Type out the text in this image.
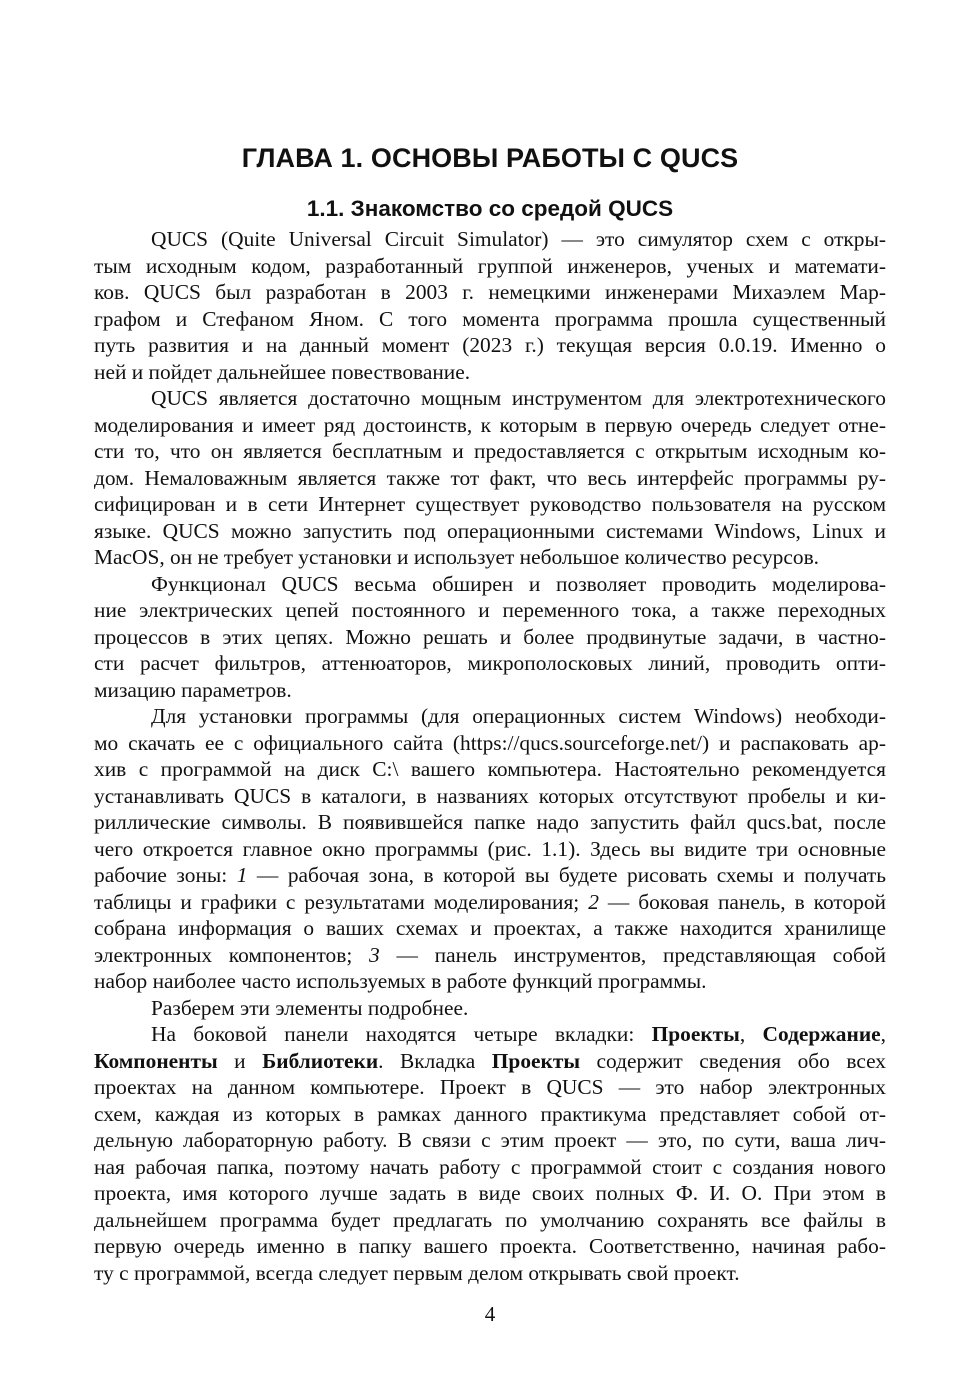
ГЛАВА 1. ОСНОВЫ РАБОТЫ С QUCS
1.1. Знакомство со средой QUCS
QUCS (Quite Universal Circuit Simulator) — это симулятор схем с откры-
тым исходным кодом, разработанный группой инженеров, ученых и математи-
ков. QUCS был разработан в 2003 г. немецкими инженерами Михаэлем Мар-
графом и Стефаном Яном. С того момента программа прошла существенный
путь развития и на данный момент (2023 г.) текущая версия 0.0.19. Именно о
ней и пойдет дальнейшее повествование.
QUCS является достаточно мощным инструментом для электротехнического
моделирования и имеет ряд достоинств, к которым в первую очередь следует отне-
сти то, что он является бесплатным и предоставляется с открытым исходным ко-
дом. Немаловажным является также тот факт, что весь интерфейс программы ру-
сифицирован и в сети Интернет существует руководство пользователя на русском
языке. QUCS можно запустить под операционными системами Windows, Linux и
MacOS, он не требует установки и использует небольшое количество ресурсов.
Функционал QUCS весьма обширен и позволяет проводить моделирова-
ние электрических цепей постоянного и переменного тока, а также переходных
процессов в этих цепях. Можно решать и более продвинутые задачи, в частно-
сти расчет фильтров, аттенюаторов, микрополосковых линий, проводить опти-
мизацию параметров.
Для установки программы (для операционных систем Windows) необходи-
мо скачать ее с официального сайта (https://qucs.sourceforge.net/) и распаковать ар-
хив с программой на диск C:\ вашего компьютера. Настоятельно рекомендуется
устанавливать QUCS в каталоги, в названиях которых отсутствуют пробелы и ки-
риллические символы. В появившейся папке надо запустить файл qucs.bat, после
чего откроется главное окно программы (рис. 1.1). Здесь вы видите три основные
рабочие зоны: 1 — рабочая зона, в которой вы будете рисовать схемы и получать
таблицы и графики с результатами моделирования; 2 — боковая панель, в которой
собрана информация о ваших схемах и проектах, а также находится хранилище
электронных компонентов; 3 — панель инструментов, представляющая собой
набор наиболее часто используемых в работе функций программы.
Разберем эти элементы подробнее.
На боковой панели находятся четыре вкладки: Проекты, Содержание,
Компоненты и Библиотеки. Вкладка Проекты содержит сведения обо всех
проектах на данном компьютере. Проект в QUCS — это набор электронных
схем, каждая из которых в рамках данного практикума представляет собой от-
дельную лабораторную работу. В связи с этим проект — это, по сути, ваша лич-
ная рабочая папка, поэтому начать работу с программой стоит с создания нового
проекта, имя которого лучше задать в виде своих полных Ф. И. О. При этом в
дальнейшем программа будет предлагать по умолчанию сохранять все файлы в
первую очередь именно в папку вашего проекта. Соответственно, начиная рабо-
ту с программой, всегда следует первым делом открывать свой проект.
4
